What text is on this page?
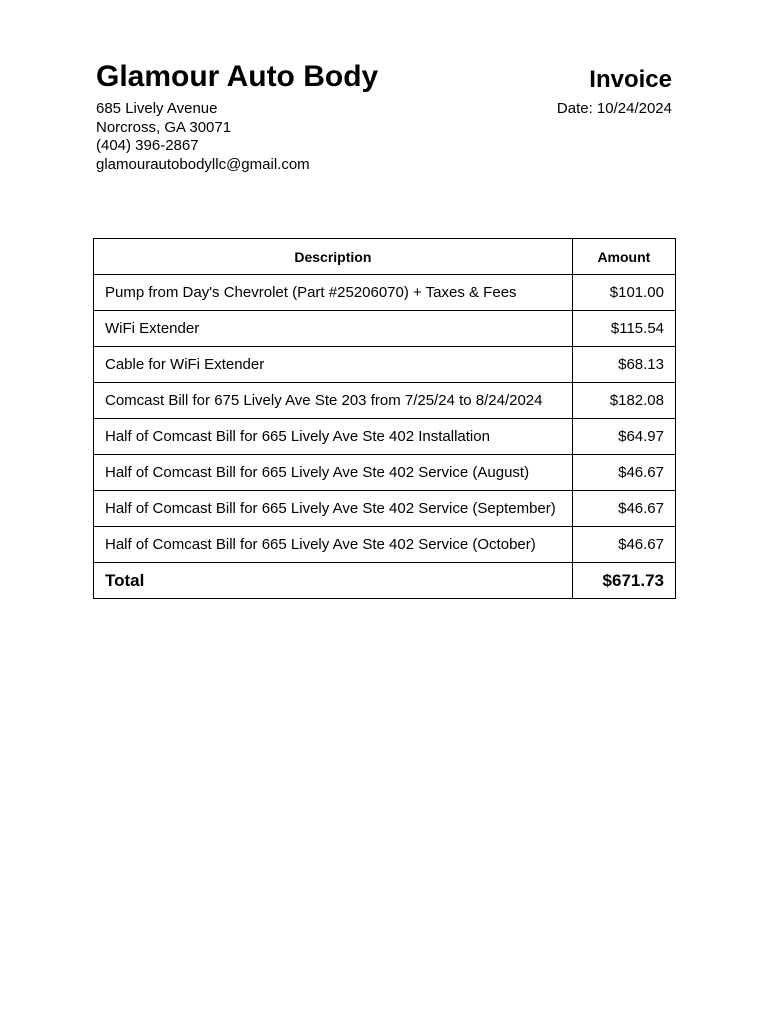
Glamour Auto Body
685 Lively Avenue
Norcross, GA 30071
(404) 396-2867
glamourautobodyllc@gmail.com
Invoice
Date: 10/24/2024
Description	Amount
Pump from Day's Chevrolet (Part #25206070) + Taxes & Fees	$101.00
WiFi Extender	$115.54
Cable for WiFi Extender	$68.13
Comcast Bill for 675 Lively Ave Ste 203 from 7/25/24 to 8/24/2024	$182.08
Half of Comcast Bill for 665 Lively Ave Ste 402 Installation	$64.97
Half of Comcast Bill for 665 Lively Ave Ste 402 Service (August)	$46.67
Half of Comcast Bill for 665 Lively Ave Ste 402 Service (September)	$46.67
Half of Comcast Bill for 665 Lively Ave Ste 402 Service (October)	$46.67
Total	$671.73
